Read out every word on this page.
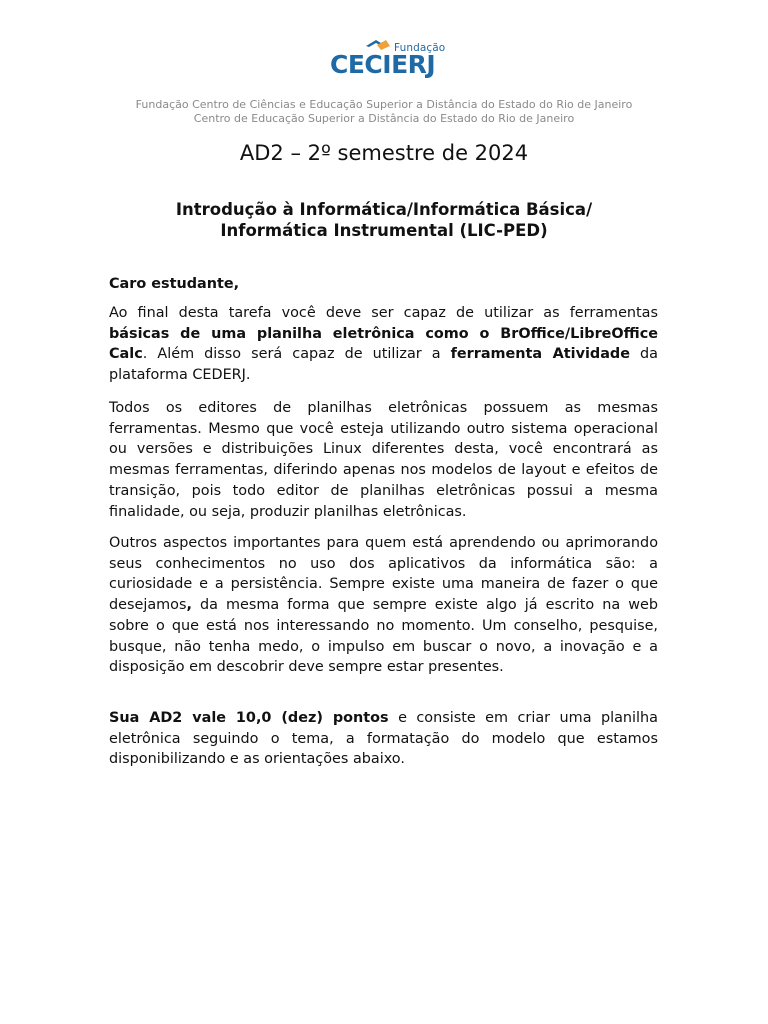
Fundação
CECIERJ
Fundação Centro de Ciências e Educação Superior a Distância do Estado do Rio de Janeiro
Centro de Educação Superior a Distância do Estado do Rio de Janeiro
AD2 – 2º semestre de 2024
Introdução à Informática/Informática Básica/
Informática Instrumental (LIC-PED)
Caro estudante,
Ao final desta tarefa você deve ser capaz de utilizar as ferramentas básicas de uma planilha eletrônica como o BrOffice/LibreOffice Calc. Além disso será capaz de utilizar a ferramenta Atividade da plataforma CEDERJ.
Todos os editores de planilhas eletrônicas possuem as mesmas ferramentas. Mesmo que você esteja utilizando outro sistema operacional ou versões e distribuições Linux diferentes desta, você encontrará as mesmas ferramentas, diferindo apenas nos modelos de layout e efeitos de transição, pois todo editor de planilhas eletrônicas possui a mesma finalidade, ou seja, produzir planilhas eletrônicas.
Outros aspectos importantes para quem está aprendendo ou aprimorando seus conhecimentos no uso dos aplicativos da informática são: a curiosidade e a persistência. Sempre existe uma maneira de fazer o que desejamos, da mesma forma que sempre existe algo já escrito na web sobre o que está nos interessando no momento. Um conselho, pesquise, busque, não tenha medo, o impulso em buscar o novo, a inovação e a disposição em descobrir deve sempre estar presentes.
Sua AD2 vale 10,0 (dez) pontos e consiste em criar uma planilha eletrônica seguindo o tema, a formatação do modelo que estamos disponibilizando e as orientações abaixo.
